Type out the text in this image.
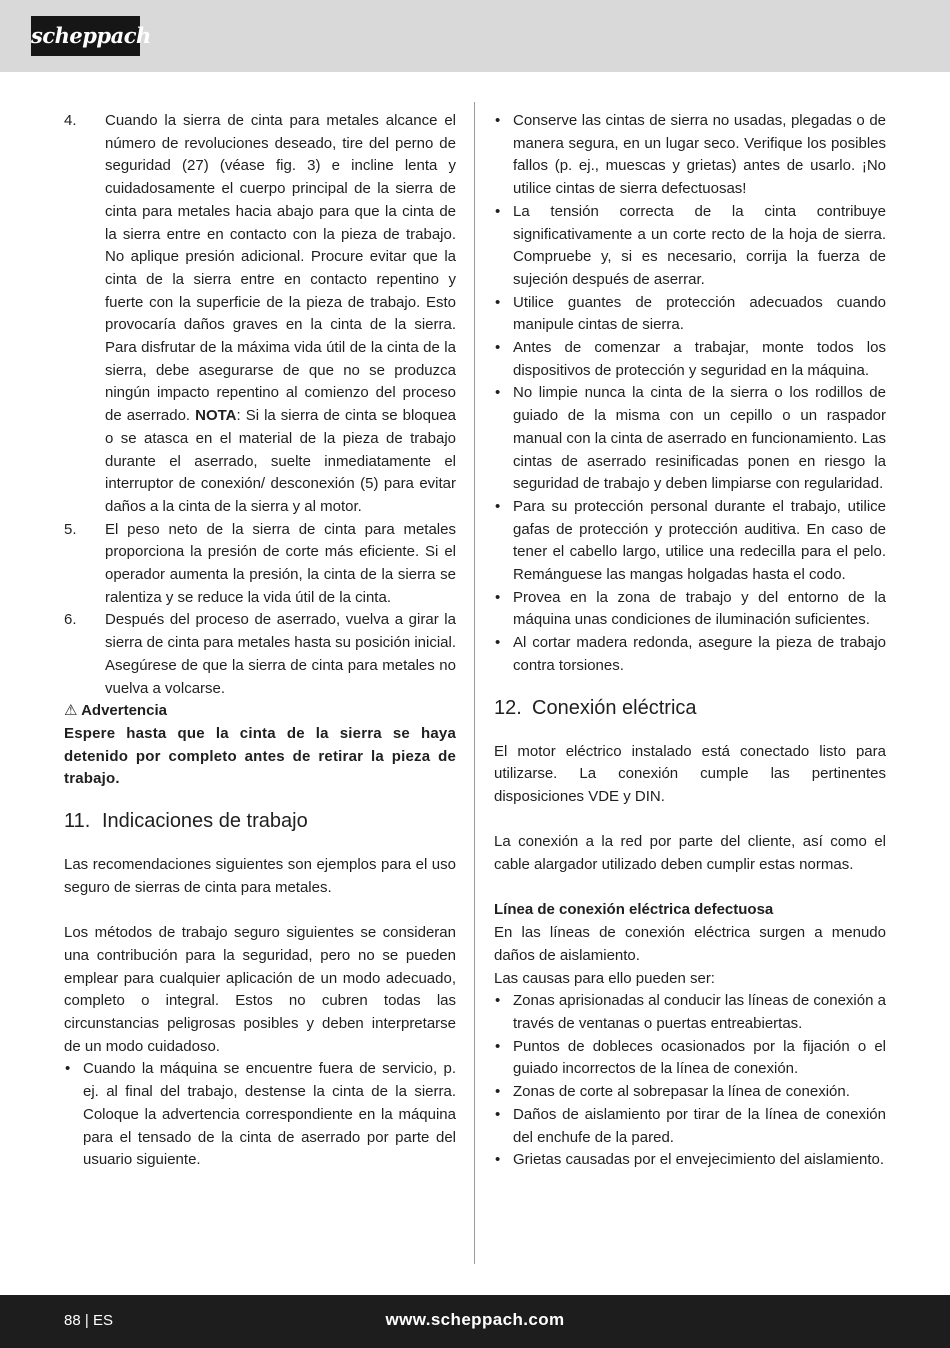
scheppach
4.	Cuando la sierra de cinta para metales alcance el número de revoluciones deseado, tire del perno de seguridad (27) (véase fig. 3) e incline lenta y cuidadosamente el cuerpo principal de la sierra de cinta para metales hacia abajo para que la cinta de la sierra entre en contacto con la pieza de trabajo. No aplique presión adicional. Procure evitar que la cinta de la sierra entre en contacto repentino y fuerte con la superficie de la pieza de trabajo. Esto provocaría daños graves en la cinta de la sierra. Para disfrutar de la máxima vida útil de la cinta de la sierra, debe asegurarse de que no se produzca ningún impacto repentino al comienzo del proceso de aserrado. NOTA: Si la sierra de cinta se bloquea o se atasca en el material de la pieza de trabajo durante el aserrado, suelte inmediatamente el interruptor de conexión/ desconexión (5) para evitar daños a la cinta de la sierra y al motor.
5.	El peso neto de la sierra de cinta para metales proporciona la presión de corte más eficiente. Si el operador aumenta la presión, la cinta de la sierra se ralentiza y se reduce la vida útil de la cinta.
6.	Después del proceso de aserrado, vuelva a girar la sierra de cinta para metales hasta su posición inicial. Asegúrese de que la sierra de cinta para metales no vuelva a volcarse.
⚠ Advertencia

Espere hasta que la cinta de la sierra se haya detenido por completo antes de retirar la pieza de trabajo.

11. Indicaciones de trabajo

Las recomendaciones siguientes son ejemplos para el uso seguro de sierras de cinta para metales.

Los métodos de trabajo seguro siguientes se consideran una contribución para la seguridad, pero no se pueden emplear para cualquier aplicación de un modo adecuado, completo o integral. Estos no cubren todas las circunstancias peligrosas posibles y deben interpretarse de un modo cuidadoso.

• Cuando la máquina se encuentre fuera de servicio, p. ej. al final del trabajo, destense la cinta de la sierra. Coloque la advertencia correspondiente en la máquina para el tensado de la cinta de aserrado por parte del usuario siguiente.
• Conserve las cintas de sierra no usadas, plegadas o de manera segura, en un lugar seco. Verifique los posibles fallos (p. ej., muescas y grietas) antes de usarlo. ¡No utilice cintas de sierra defectuosas!
• La tensión correcta de la cinta contribuye significativamente a un corte recto de la hoja de sierra. Compruebe y, si es necesario, corrija la fuerza de sujeción después de aserrar.
• Utilice guantes de protección adecuados cuando manipule cintas de sierra.
• Antes de comenzar a trabajar, monte todos los dispositivos de protección y seguridad en la máquina.
• No limpie nunca la cinta de la sierra o los rodillos de guiado de la misma con un cepillo o un raspador manual con la cinta de aserrado en funcionamiento. Las cintas de aserrado resinificadas ponen en riesgo la seguridad de trabajo y deben limpiarse con regularidad.
• Para su protección personal durante el trabajo, utilice gafas de protección y protección auditiva. En caso de tener el cabello largo, utilice una redecilla para el pelo. Remánguese las mangas holgadas hasta el codo.
• Provea en la zona de trabajo y del entorno de la máquina unas condiciones de iluminación suficientes.
• Al cortar madera redonda, asegure la pieza de trabajo contra torsiones.
12. Conexión eléctrica

El motor eléctrico instalado está conectado listo para utilizarse. La conexión cumple las pertinentes disposiciones VDE y DIN.

La conexión a la red por parte del cliente, así como el cable alargador utilizado deben cumplir estas normas.

Línea de conexión eléctrica defectuosa

En las líneas de conexión eléctrica surgen a menudo daños de aislamiento.

Las causas para ello pueden ser:

• Zonas aprisionadas al conducir las líneas de conexión a través de ventanas o puertas entreabiertas.
• Puntos de dobleces ocasionados por la fijación o el guiado incorrectos de la línea de conexión.
• Zonas de corte al sobrepasar la línea de conexión.
• Daños de aislamiento por tirar de la línea de conexión del enchufe de la pared.
• Grietas causadas por el envejecimiento del aislamiento.
88 | ES	www.scheppach.com
